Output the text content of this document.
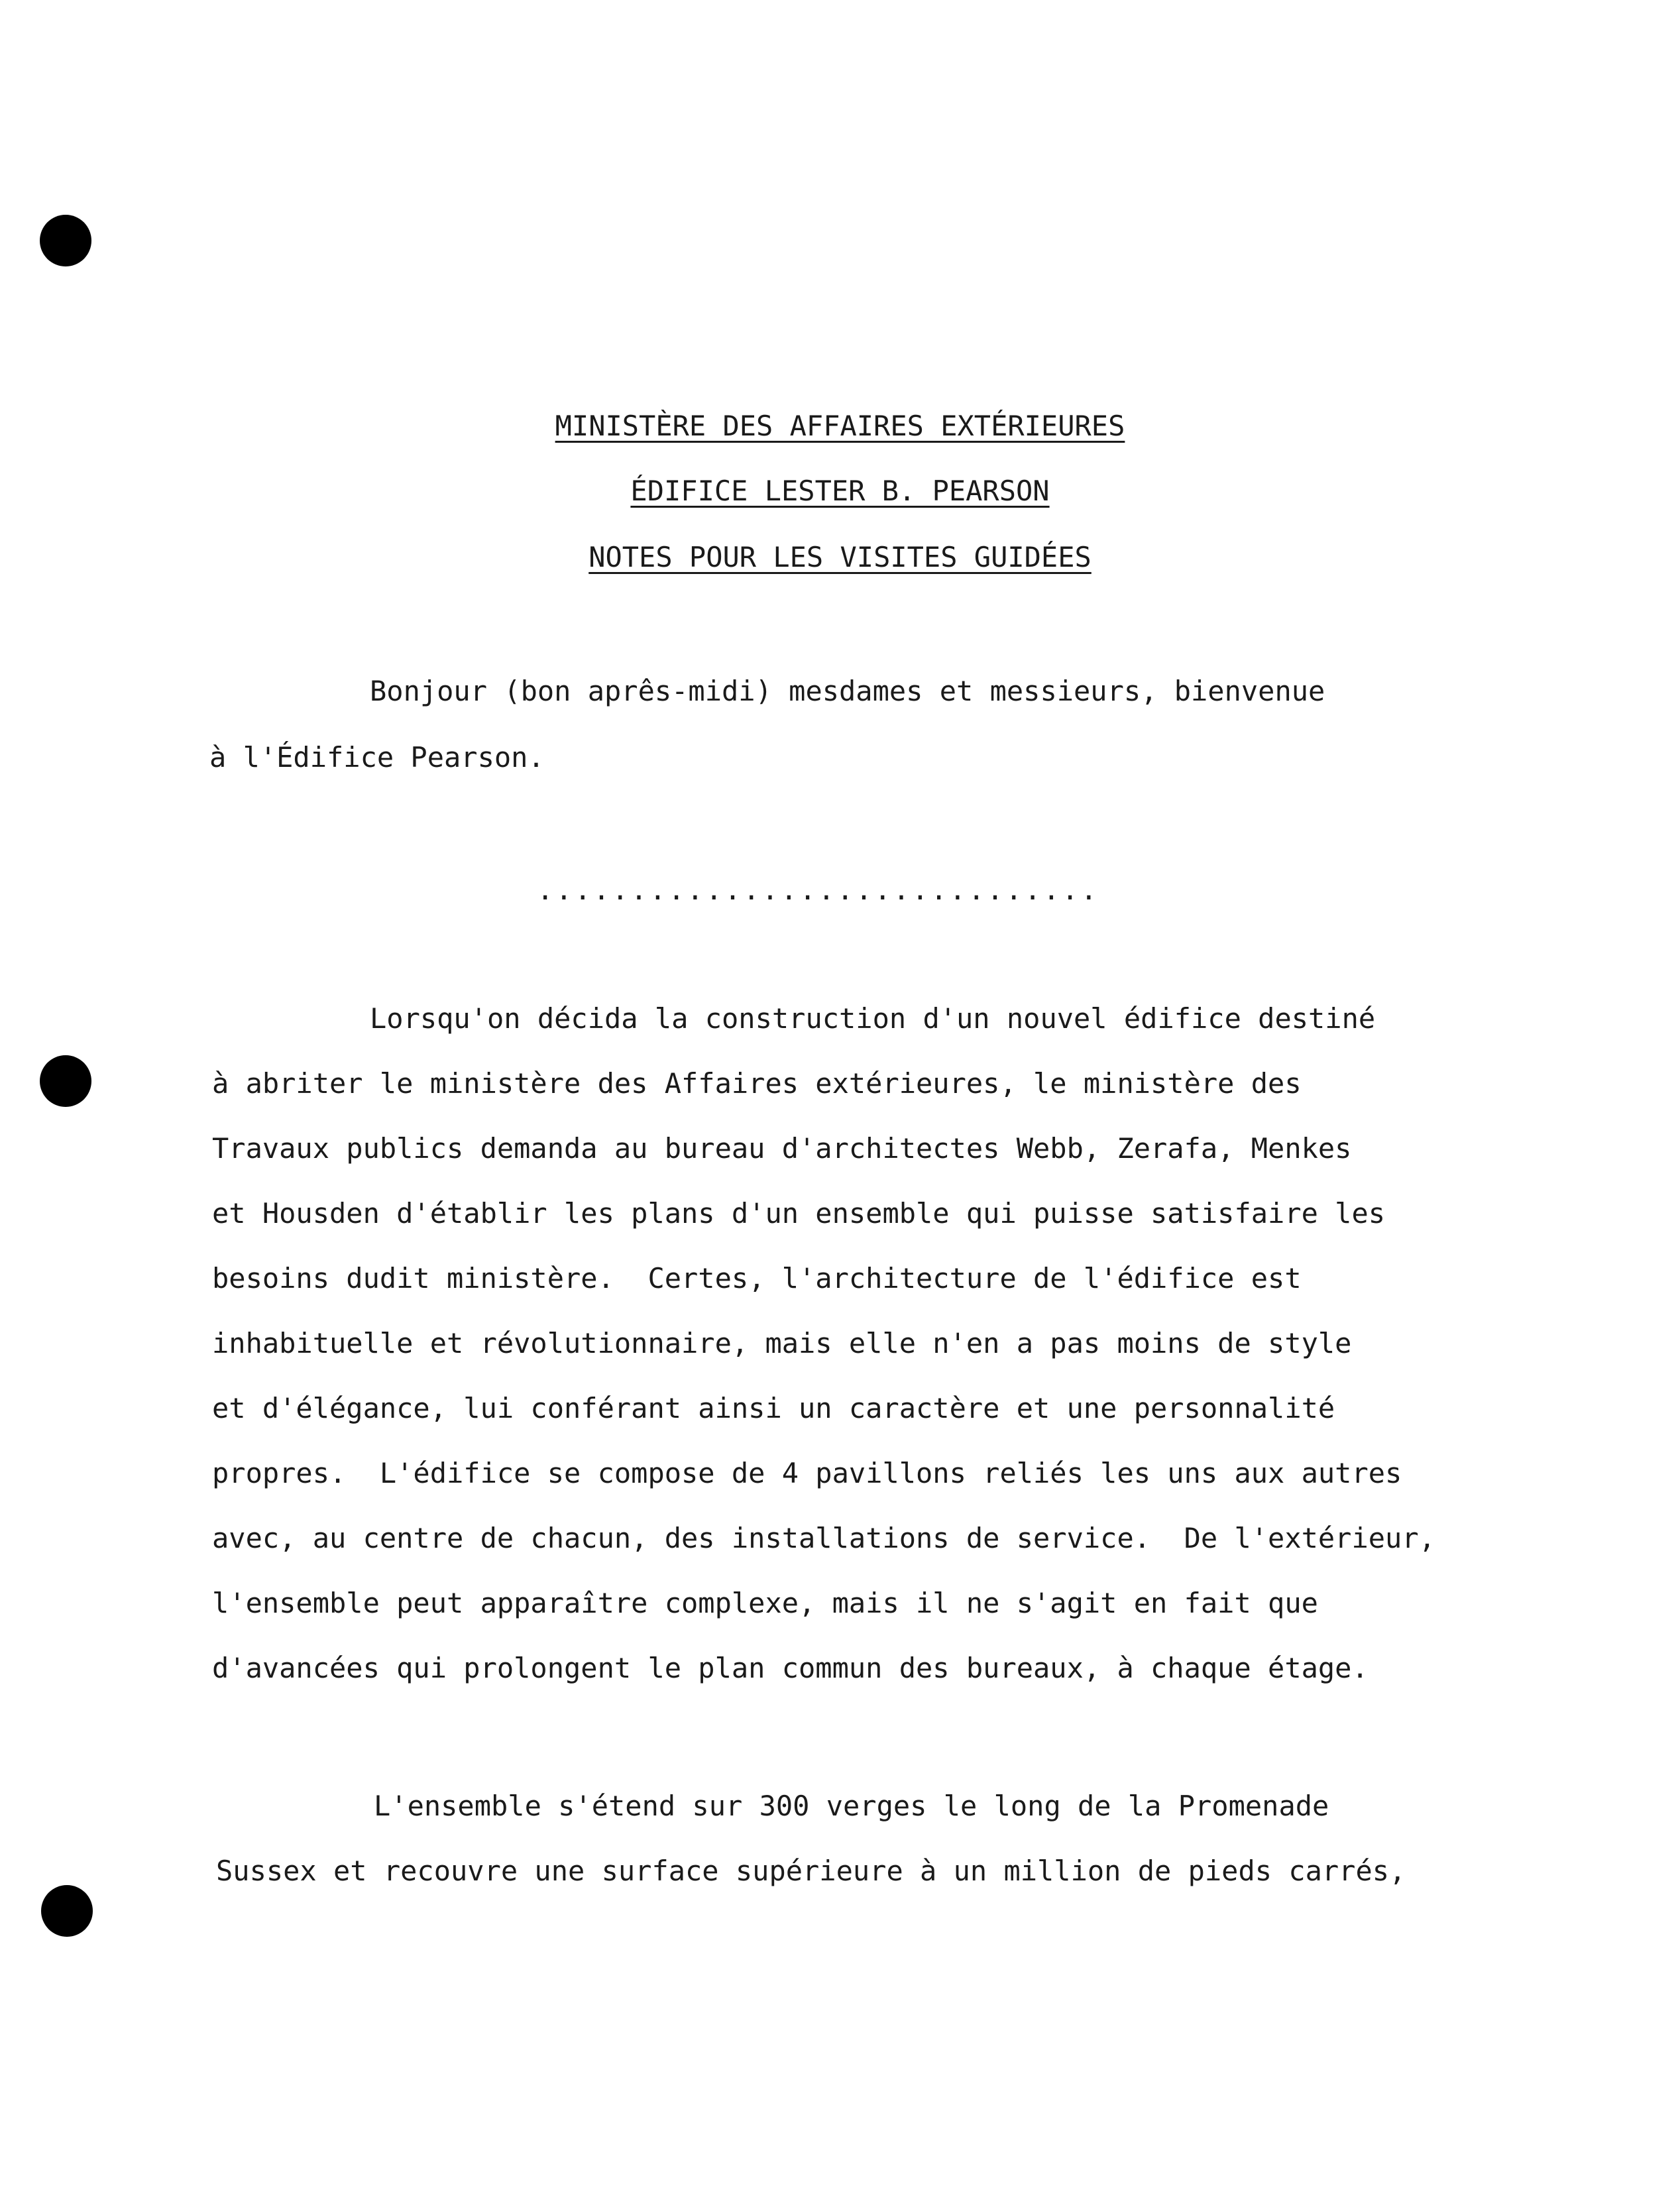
MINISTÈRE DES AFFAIRES EXTÉRIEURES
ÉDIFICE LESTER B. PEARSON
NOTES POUR LES VISITES GUIDÉES
Bonjour (bon aprês-midi) mesdames et messieurs, bienvenue
à l'Édifice Pearson.
..............................
Lorsqu'on décida la construction d'un nouvel édifice destiné
à abriter le ministère des Affaires extérieures, le ministère des
Travaux publics demanda au bureau d'architectes Webb, Zerafa, Menkes
et Housden d'établir les plans d'un ensemble qui puisse satisfaire les
besoins dudit ministère.  Certes, l'architecture de l'édifice est
inhabituelle et révolutionnaire, mais elle n'en a pas moins de style
et d'élégance, lui conférant ainsi un caractère et une personnalité
propres.  L'édifice se compose de 4 pavillons reliés les uns aux autres
avec, au centre de chacun, des installations de service.  De l'extérieur,
l'ensemble peut apparaître complexe, mais il ne s'agit en fait que
d'avancées qui prolongent le plan commun des bureaux, à chaque étage.
L'ensemble s'étend sur 300 verges le long de la Promenade
Sussex et recouvre une surface supérieure à un million de pieds carrés,
